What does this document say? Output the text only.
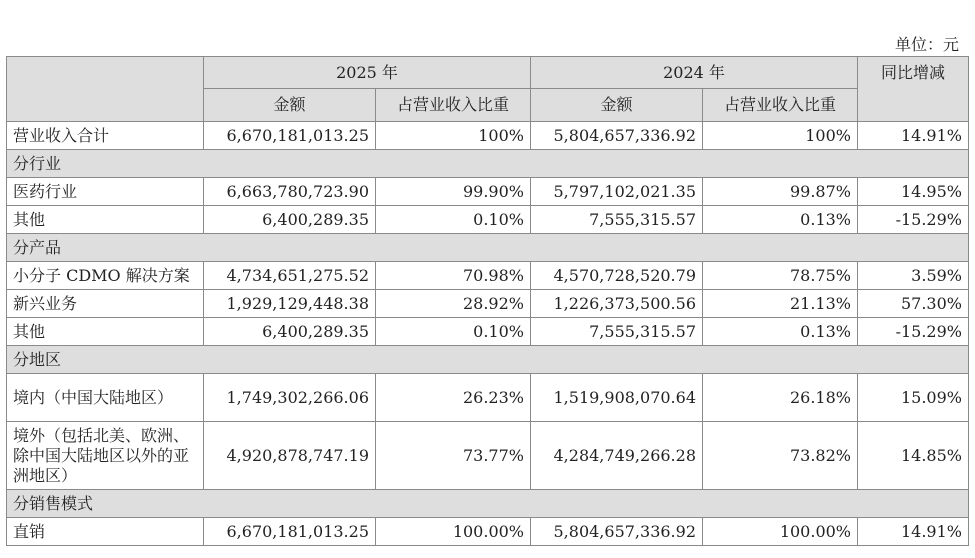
单位：元
	2025 年		2024 年		同比增减
	金额	占营业收入比重	金额	占营业收入比重	
营业收入合计	6,670,181,013.25	100%	5,804,657,336.92	100%	14.91%
分行业					
医药行业	6,663,780,723.90	99.90%	5,797,102,021.35	99.87%	14.95%
其他	6,400,289.35	0.10%	7,555,315.57	0.13%	-15.29%
分产品					
小分子 CDMO 解决方案	4,734,651,275.52	70.98%	4,570,728,520.79	78.75%	3.59%
新兴业务	1,929,129,448.38	28.92%	1,226,373,500.56	21.13%	57.30%
其他	6,400,289.35	0.10%	7,555,315.57	0.13%	-15.29%
分地区					
境内（中国大陆地区）	1,749,302,266.06	26.23%	1,519,908,070.64	26.18%	15.09%
境外（包括北美、欧洲、除中国大陆地区以外的亚洲地区）	4,920,878,747.19	73.77%	4,284,749,266.28	73.82%	14.85%
分销售模式					
直销	6,670,181,013.25	100.00%	5,804,657,336.92	100.00%	14.91%
